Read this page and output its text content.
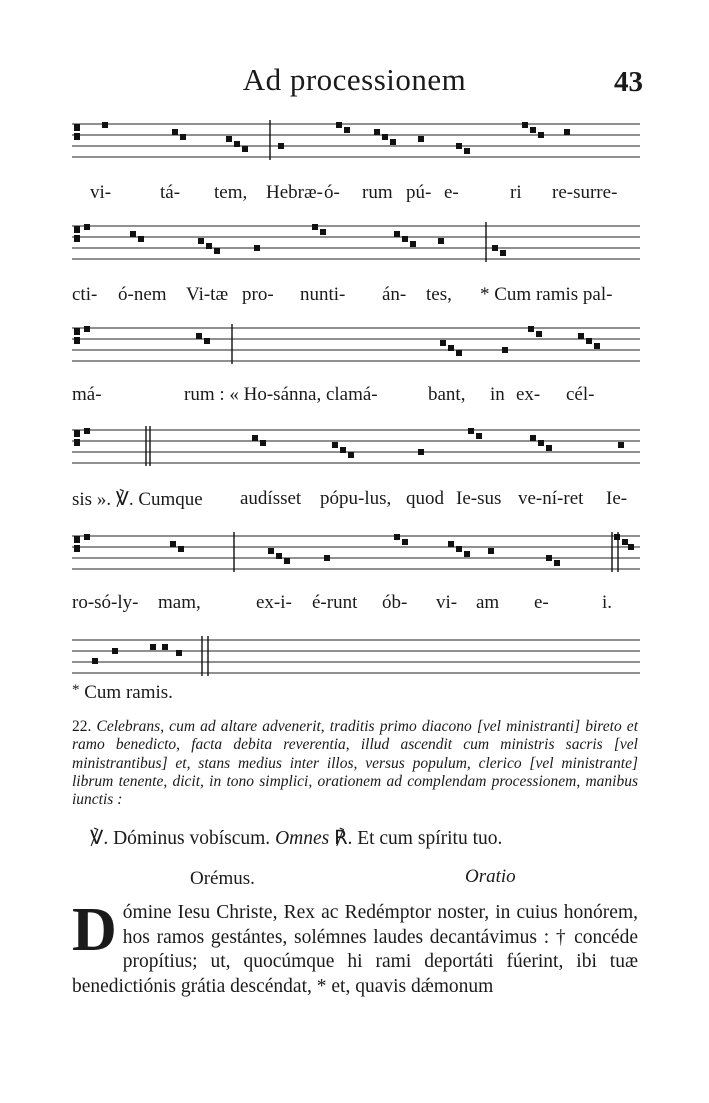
Ad processionem	43
vi-	tá- tem, Hebræ- ó- rum pú- e-	ri re-surre-
cti- ó-nem Vi-tæ pro- nunti- án- tes, * Cum ramis pal-
má-	rum : « Ho-sánna, clamá-	bant, in ex- cél-
sis ». ℣. Cumque audísset pópu-lus, quod Ie-sus ve-ní-ret Ie-
ro-só-ly- mam,	ex-i- é-runt ób- vi- am e-	i.
* Cum ramis.
22. Celebrans, cum ad altare advenerit, traditis primo diacono [vel ministranti] bireto et ramo benedicto, facta debita reverentia, illud ascendit cum ministris sacris [vel ministrantibus] et, stans medius inter illos, versus populum, clerico [vel ministrante] librum tenente, dicit, in tono simplici, orationem ad complendam processionem, manibus iunctis :
℣. Dóminus vobíscum. Omnes ℟. Et cum spíritu tuo.
Orémus.	Oratio
D ómine Iesu Christe, Rex ac Redémptor noster, in cuius honórem, hos ramos gestántes, solémnes laudes decantávimus : † concéde propítius; ut, quocúmque hi rami deportáti fúerint, ibi tuæ benedictiónis grátia descéndat, * et, quavis dǽmonum
